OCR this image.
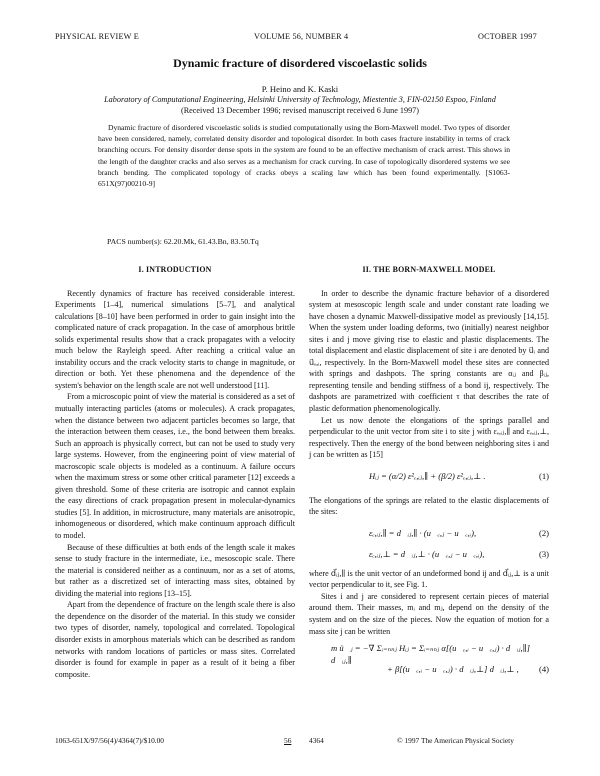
PHYSICAL REVIEW E	VOLUME 56, NUMBER 4	OCTOBER 1997
Dynamic fracture of disordered viscoelastic solids
P. Heino and K. Kaski
Laboratory of Computational Engineering, Helsinki University of Technology, Miestentie 3, FIN-02150 Espoo, Finland
(Received 13 December 1996; revised manuscript received 6 June 1997)

Dynamic fracture of disordered viscoelastic solids is studied computationally using the Born-Maxwell model. Two types of disorder have been considered, namely, correlated density disorder and topological disorder. In both cases fracture instability in terms of crack branching occurs. For density disorder dense spots in the system are found to be an effective mechanism of crack arrest. This shows in the length of the daughter cracks and also serves as a mechanism for crack curving. In case of topologically disordered systems we see branch bending. The complicated topology of cracks obeys a scaling law which has been found experimentally. [S1063-651X(97)00210-9]

PACS number(s): 62.20.Mk, 61.43.Bn, 83.50.Tq
I. INTRODUCTION

Recently dynamics of fracture has received considerable interest. Experiments [1–4], numerical simulations [5–7], and analytical calculations [8–10] have been performed in order to gain insight into the complicated nature of crack propagation. In the case of amorphous brittle solids experimental results show that a crack propagates with a velocity much below the Rayleigh speed. After reaching a critical value an instability occurs and the crack velocity starts to change in magnitude, or direction or both. Yet these phenomena and the dependence of the system's behavior on the length scale are not well understood [11].

From a microscopic point of view the material is considered as a set of mutually interacting particles (atoms or molecules). A crack propagates, when the distance between two adjacent particles becomes so large, that the interaction between them ceases, i.e., the bond between them breaks. Such an approach is physically correct, but can not be used to study very large systems. However, from the engineering point of view material of macroscopic scale objects is modeled as a continuum. A failure occurs when the maximum stress or some other critical parameter [12] exceeds a given threshold. Some of these criteria are isotropic and cannot explain the easy directions of crack propagation present in molecular-dynamics studies [5]. In addition, in microstructure, many materials are anisotropic, inhomogeneous or disordered, which make continuum approach difficult to model.

Because of these difficulties at both ends of the length scale it makes sense to study fracture in the intermediate, i.e., mesoscopic scale. There the material is considered neither as a continuum, nor as a set of atoms, but rather as a discretized set of interacting mass sites, obtained by dividing the material into regions [13–15].

Apart from the dependence of fracture on the length scale there is also the dependence on the disorder of the material. In this study we consider two types of disorder, namely, topological and correlated. Topological disorder exists in amorphous materials which can be described as random networks with random locations of particles or mass sites. Correlated disorder is found for example in paper as a result of it being a fiber composite.

II. THE BORN-MAXWELL MODEL

In order to describe the dynamic fracture behavior of a disordered system at mesoscopic length scale and under constant rate loading we have chosen a dynamic Maxwell-dissipative model as previously [14,15]. When the system under loading deforms, two (initially) nearest neighbor sites i and j move giving rise to elastic and plastic displacements. The total displacement and elastic displacement of site i are denoted by u⃗ᵢ and u⃗ₑ,ᵢ, respectively. In the Born-Maxwell model these sites are connected with springs and dashpots. The spring constants are αᵢⱼ and βᵢⱼ, representing tensile and bending stiffness of a bond ij, respectively. The dashpots are parametrized with coefficient τ that describes the rate of plastic deformation phenomenologically.

Let us now denote the elongations of the springs parallel and perpendicular to the unit vector from site i to site j with εₑ,ᵢⱼ,∥ and εₑ,ᵢⱼ,⊥, respectively. Then the energy of the bond between neighboring sites i and j can be written as [15]

Hᵢⱼ = (α/2) ε²ₑ,ᵢⱼ,∥ + (β/2) ε²ₑ,ᵢⱼ,⊥ .	(1)

The elongations of the springs are related to the elastic displacements of the sites:

εₑ,ᵢⱼ,∥ = d⃗ᵢⱼ,∥ · (u⃗ₑ,ⱼ − u⃗ₑ,ᵢ),	(2)
εₑ,ᵢⱼ,⊥ = d⃗ᵢⱼ,⊥ · (u⃗ₑ,ⱼ − u⃗ₑ,ᵢ),	(3)

where d⃗ᵢⱼ,∥ is the unit vector of an undeformed bond ij and d⃗ᵢⱼ,⊥ is a unit vector perpendicular to it, see Fig. 1.

Sites i and j are considered to represent certain pieces of material around them. Their masses, mᵢ and mⱼ, depend on the density of the system and on the size of the pieces. Now the equation of motion for a mass site j can be written

m ü⃗ⱼ = −∇ Σᵢ₌ₙₙⱼ Hᵢⱼ = Σᵢ₌ₙₙⱼ α[(u⃗ₑ,ᵢ − u⃗ₑ,ⱼ) · d⃗ᵢⱼ,∥] d⃗ᵢⱼ,∥
+ β[(u⃗ₑ,ᵢ − u⃗ₑ,ⱼ) · d⃗ᵢⱼ,⊥] d⃗ᵢⱼ,⊥ , (4)
1063-651X/97/56(4)/4364(7)/$10.00	56 4364	© 1997 The American Physical Society
